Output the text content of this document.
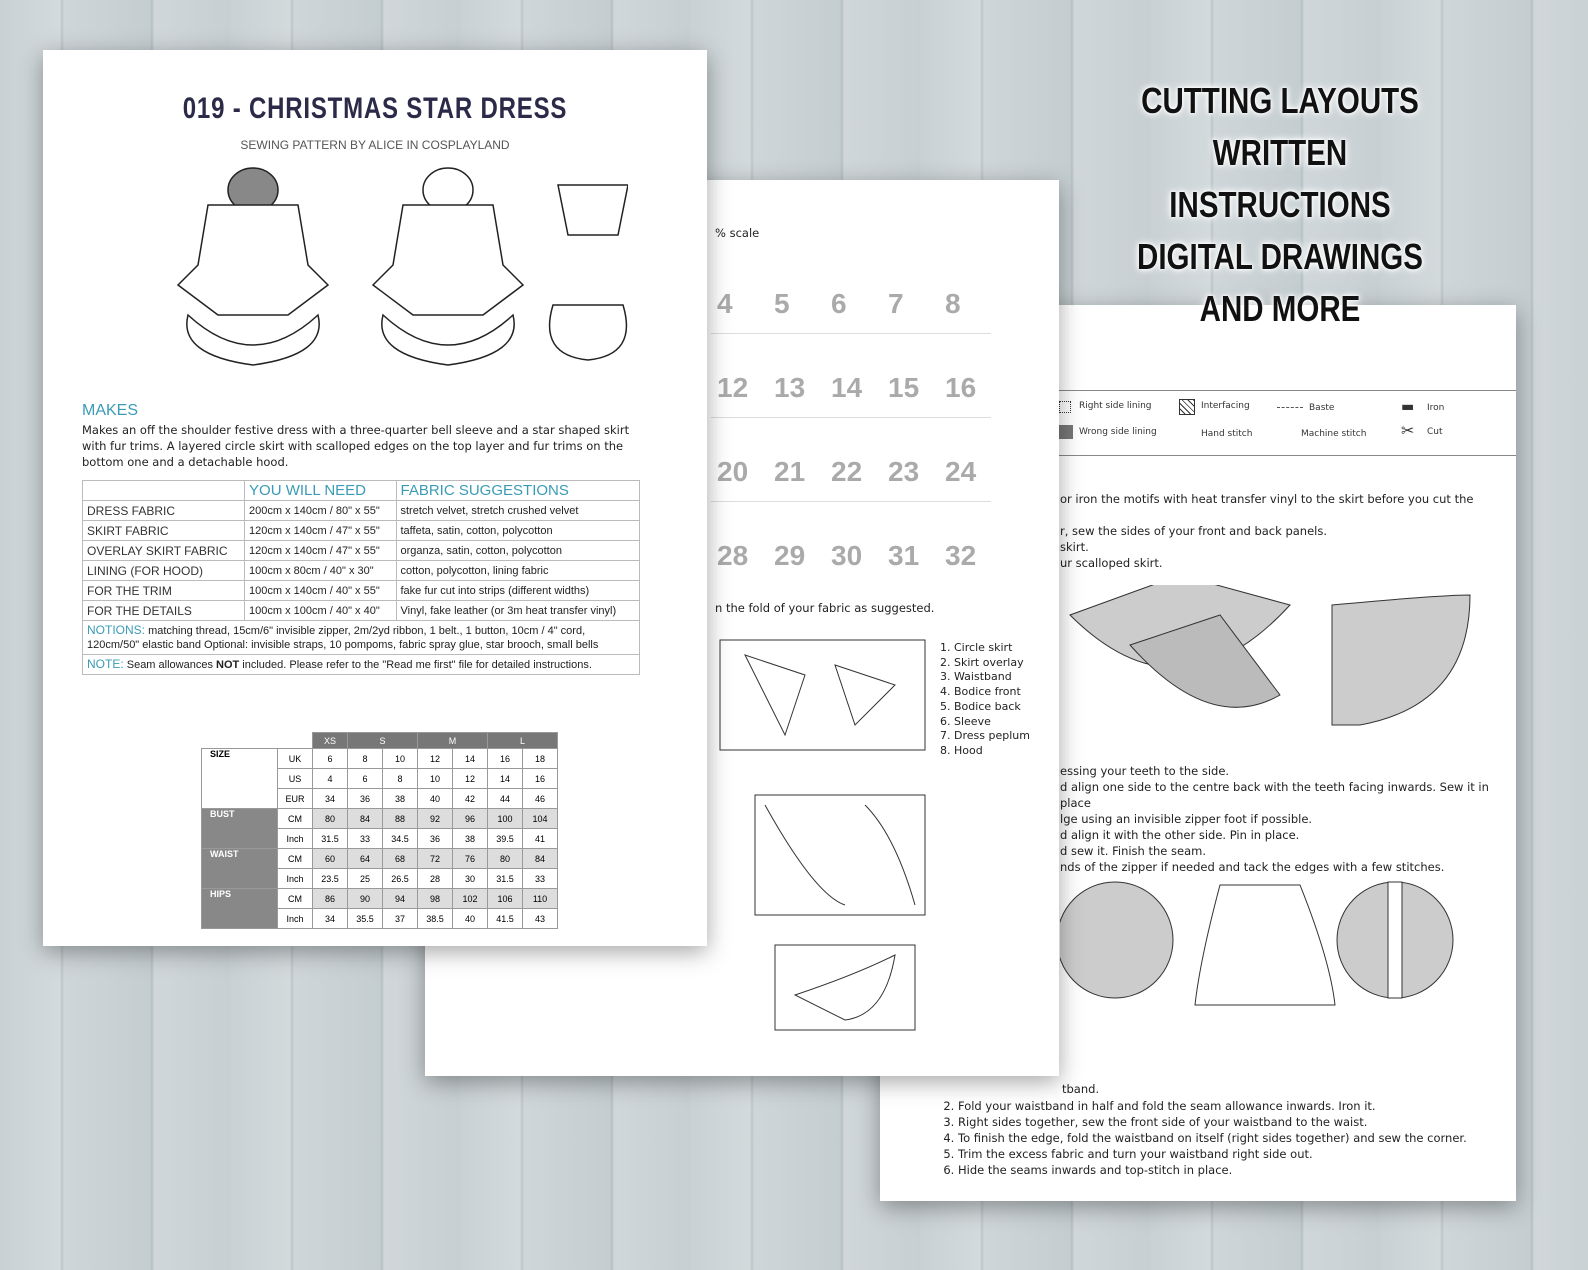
Right side lining
Wrong side lining
Interfacing
Hand stitch
Baste
Machine stitch
▬ Iron
✂ Cut
or iron the motifs with heat transfer vinyl to the skirt before you cut the
r, sew the sides of your front and back panels.
skirt.
ur scalloped skirt.
essing your teeth to the side.
d align one side to the centre back with the teeth facing inwards. Sew it in place
lge using an invisible zipper foot if possible.
d align it with the other side. Pin in place.
d sew it. Finish the seam.
nds of the zipper if needed and tack the edges with a few stitches.
tband.
2. Fold your waistband in half and fold the seam allowance inwards. Iron it.
3. Right sides together, sew the front side of your waistband to the waist.
4. To finish the edge, fold the waistband on itself (right sides together) and sew the corner.
5. Trim the excess fabric and turn your waistband right side out.
6. Hide the seams inwards and top-stitch in place.
% scale
4 5 6 7 8
12 13 14 15 16
20 21 22 23 24
28 29 30 31 32
n the fold of your fabric as suggested.
1. Circle skirt
2. Skirt overlay
3. Waistband
4. Bodice front
5. Bodice back
6. Sleeve
7. Dress peplum
8. Hood
019 - CHRISTMAS STAR DRESS
SEWING PATTERN BY ALICE IN COSPLAYLAND
MAKES
Makes an off the shoulder festive dress with a three-quarter bell sleeve and a star shaped skirt with fur trims. A layered circle skirt with scalloped edges on the top layer and fur trims on the bottom one and a detachable hood.
	YOU WILL NEED	FABRIC SUGGESTIONS
DRESS FABRIC	200cm x 140cm / 80" x 55"	stretch velvet, stretch crushed velvet
SKIRT FABRIC	120cm x 140cm / 47" x 55"	taffeta, satin, cotton, polycotton
OVERLAY SKIRT FABRIC	120cm x 140cm / 47" x 55"	organza, satin, cotton, polycotton
LINING (FOR HOOD)	100cm x 80cm / 40" x 30"	cotton, polycotton, lining fabric
FOR THE TRIM	100cm x 140cm / 40" x 55"	fake fur cut into strips (different widths)
FOR THE DETAILS	100cm x 100cm / 40" x 40"	Vinyl, fake leather (or 3m heat transfer vinyl)
NOTIONS: matching thread, 15cm/6" invisible zipper, 2m/2yd ribbon, 1 belt., 1 button, 10cm / 4" cord, 120cm/50" elastic band Optional: invisible straps, 10 pompoms, fabric spray glue, star brooch, small bells		
NOTE: Seam allowances NOT included. Please refer to the "Read me first" file for detailed instructions.		
		XS	S		M		L	
SIZE	UK	6	8	10	12	14	16	18
	US	4	6	8	10	12	14	16
	EUR	34	36	38	40	42	44	46
BUST	CM	80	84	88	92	96	100	104
	Inch	31.5	33	34.5	36	38	39.5	41
WAIST	CM	60	64	68	72	76	80	84
	Inch	23.5	25	26.5	28	30	31.5	33
HIPS	CM	86	90	94	98	102	106	110
	Inch	34	35.5	37	38.5	40	41.5	43
CUTTING LAYOUTS
WRITTEN INSTRUCTIONS
DIGITAL DRAWINGS
AND MORE
